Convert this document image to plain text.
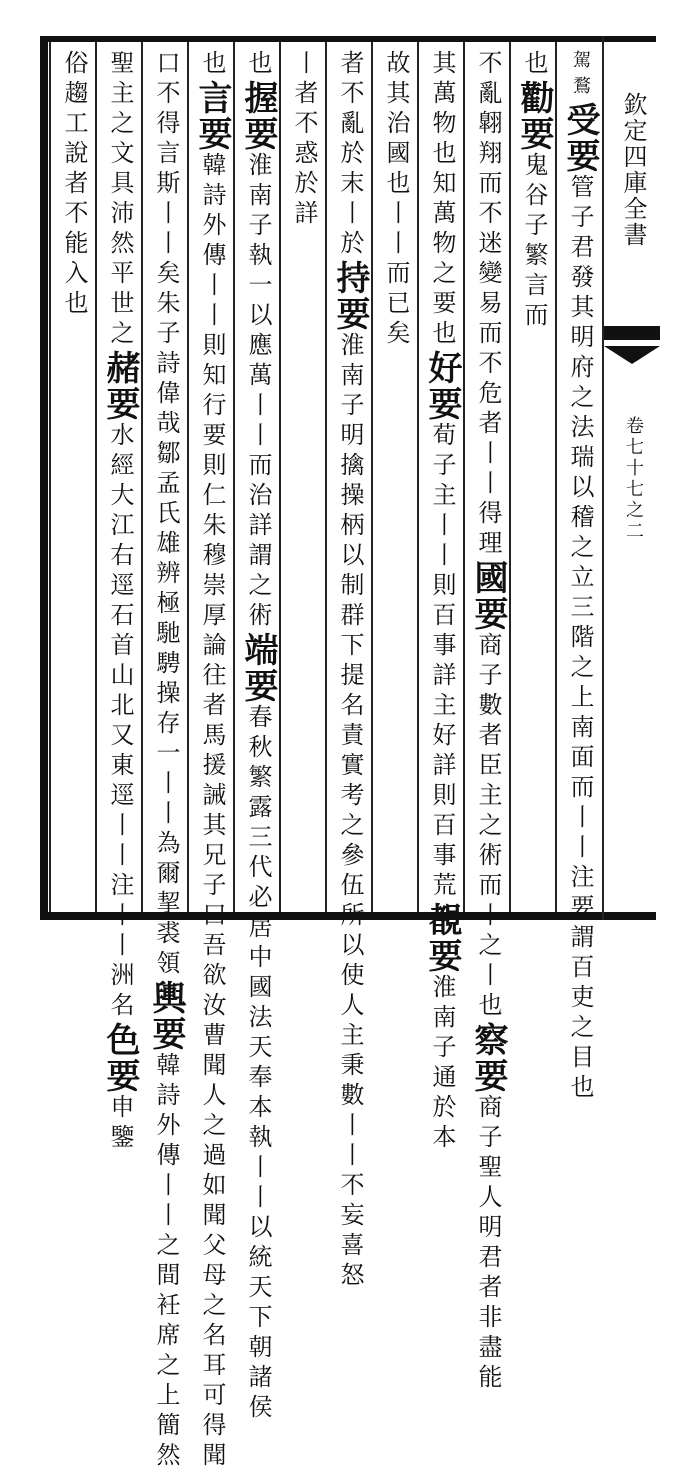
欽定四庫全書
卷七十七之二
駕鶩受要管子君發其明府之法瑞以稽之立三階之上南面而丨丨注要謂百吏之目也
也勸要鬼谷子繁言而
不亂翺翔而不迷變易而不危者丨丨得理國要商子數者臣主之術而丨之丨也察要商子聖人明君者非盡能
其萬物也知萬物之要也好要荀子主丨丨則百事詳主好詳則百事荒覩要淮南子通於本
故其治國也丨丨而已矣
者不亂於末丨於持要淮南子明擒操柄以制群下提名責實考之參伍所以使人主秉數丨丨不妄喜怒
丨者不惑於詳
也握要淮南子執一以應萬丨丨而治詳謂之術端要春秋繁露三代必居中國法天奉本執丨丨以統天下朝諸侯
也言要韓詩外傳丨丨則知行要則仁朱穆崇厚論往者馬援誡其兄子曰吾欲汝曹聞人之過如聞父母之名耳可得聞
口不得言斯丨丨矣朱子詩偉哉鄒孟氏雄辨極馳騁操存一丨丨為爾挈裘領輿要韓詩外傳丨丨之間衽席之上簡然
聖主之文具沛然平世之赭要水經大江右逕石首山北又東逕丨丨注丨丨洲名色要申鑒
俗趨工說者不能入也
